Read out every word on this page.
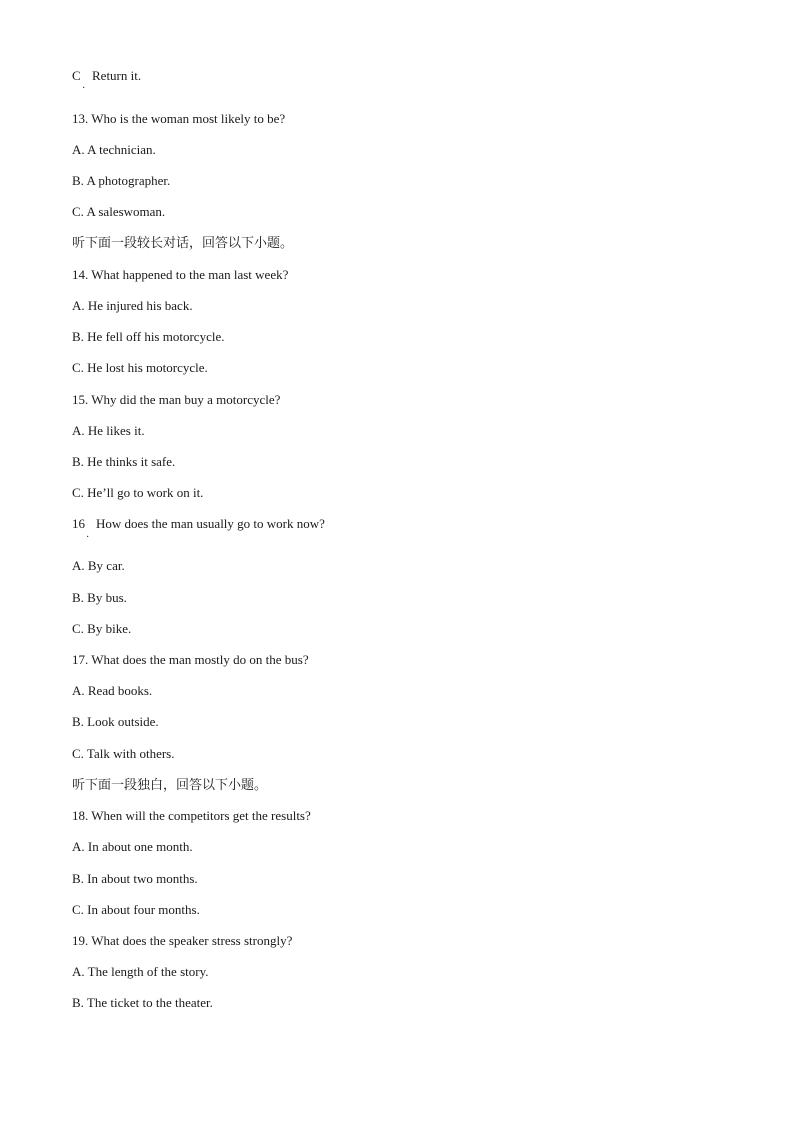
C Return it.
·
13. Who is the woman most likely to be?
A. A technician.
B. A photographer.
C. A saleswoman.
听下面一段较长对话，回答以下小题。
14. What happened to the man last week?
A. He injured his back.
B. He fell off his motorcycle.
C. He lost his motorcycle.
15. Why did the man buy a motorcycle?
A. He likes it.
B. He thinks it safe.
C. He’ll go to work on it.
16 How does the man usually go to work now?
·
A. By car.
B. By bus.
C. By bike.
17. What does the man mostly do on the bus?
A. Read books.
B. Look outside.
C. Talk with others.
听下面一段独白，回答以下小题。
18. When will the competitors get the results?
A. In about one month.
B. In about two months.
C. In about four months.
19. What does the speaker stress strongly?
A. The length of the story.
B. The ticket to the theater.
